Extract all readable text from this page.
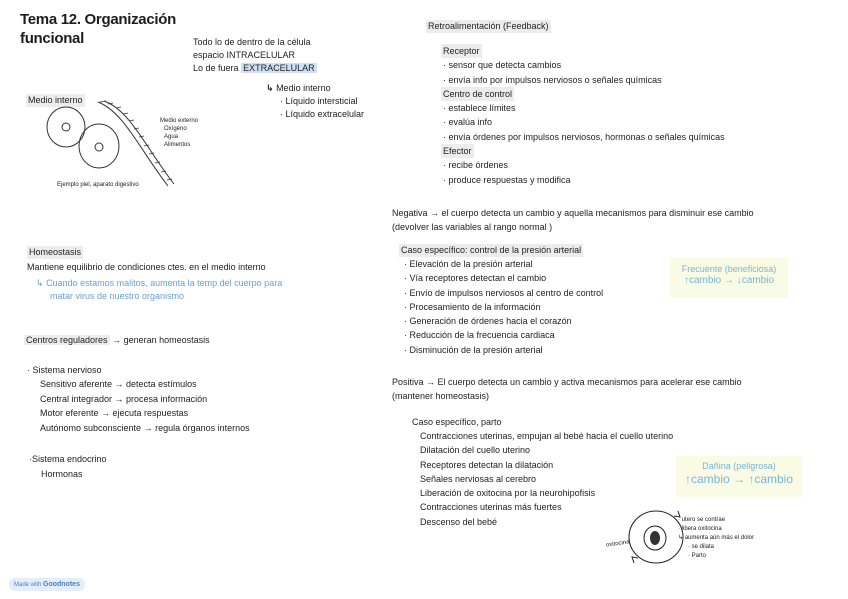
Tema 12. Organización
funcional	Todo lo de dentro de la célula
espacio INTRACELULAR
Lo de fuera EXTRACELULAR
↳ Medio interno
· Líquido intersticial
· Líquido extracelular
Medio interno
Medio externo
Oxígeno
Agua
Alimentos
Ejemplo piel, aparato digestivo
Homeostasis
Mantiene equilibrio de condiciones ctes. en el medio interno
↳ Cuando estamos malitos, aumenta la temp del cuerpo para
matar virus de nuestro organismo
Centros reguladores → generan homeostasis
· Sistema nervioso
Sensitivo aferente → detecta estímulos
Central integrador → procesa información
Motor eferente → ejecuta respuestas
Autónomo subconsciente → regula órganos internos
·Sistema endocrino
Hormonas
Made with Goodnotes
Retroalimentación (Feedback)
Receptor
· sensor que detecta cambios
· envía info por impulsos nerviosos o señales químicas
Centro de control
· establece límites
· evalúa info
· envía órdenes por impulsos nerviosos, hormonas o señales químicas
Efector
· recibe órdenes
· produce respuestas y modifica
Negativa → el cuerpo detecta un cambio y aquella mecanismos para disminuir ese cambio
(devolver las variables al rango normal )
Caso específico: control de la presión arterial
· Elevación de la presión arterial
· Vía receptores detectan el cambio
· Envío de impulsos nerviosos al centro de control
· Procesamiento de la información
· Generación de órdenes hacia el corazón
· Reducción de la frecuencia cardiaca
· Disminución de la presión arterial
Frecuente (beneficiosa)
↑cambio → ↓cambio
Positiva → El cuerpo detecta un cambio y activa mecanismos para acelerar ese cambio
(mantener homeostasis)
Caso específico, parto
Contracciones uterinas, empujan al bebé hacia el cuello uterino
Dilatación del cuello uterino
Receptores detectan la dilatación
Señales nerviosas al cerebro
Liberación de oxitocina por la neurohipofisis
Contracciones uterinas más fuertes
Descenso del bebé
Dañina (peligrosa)
↑cambio → ↑cambio
oxitocina
· utero se contrae
· libera oxitocina
↳ aumenta aún más el dolor
· se dilata
· Parto
